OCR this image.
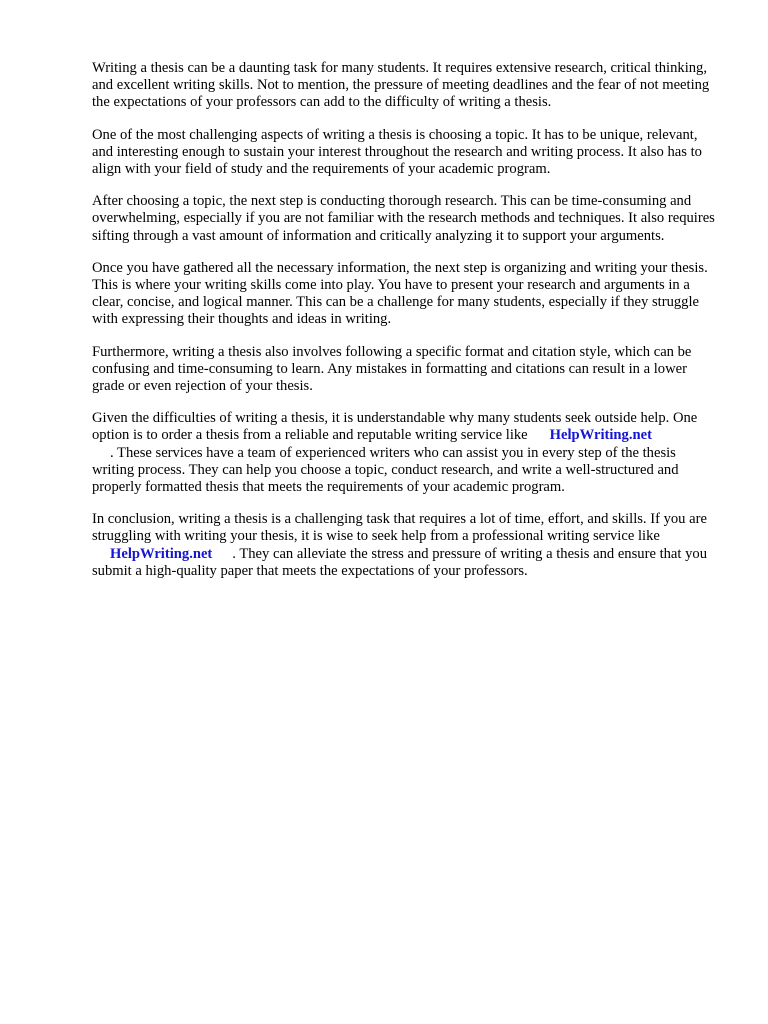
Writing a thesis can be a daunting task for many students. It requires extensive research, critical thinking, and excellent writing skills. Not to mention, the pressure of meeting deadlines and the fear of not meeting the expectations of your professors can add to the difficulty of writing a thesis.

One of the most challenging aspects of writing a thesis is choosing a topic. It has to be unique, relevant, and interesting enough to sustain your interest throughout the research and writing process. It also has to align with your field of study and the requirements of your academic program.

After choosing a topic, the next step is conducting thorough research. This can be time-consuming and overwhelming, especially if you are not familiar with the research methods and techniques. It also requires sifting through a vast amount of information and critically analyzing it to support your arguments.

Once you have gathered all the necessary information, the next step is organizing and writing your thesis. This is where your writing skills come into play. You have to present your research and arguments in a clear, concise, and logical manner. This can be a challenge for many students, especially if they struggle with expressing their thoughts and ideas in writing.

Furthermore, writing a thesis also involves following a specific format and citation style, which can be confusing and time-consuming to learn. Any mistakes in formatting and citations can result in a lower grade or even rejection of your thesis.

Given the difficulties of writing a thesis, it is understandable why many students seek outside help. One option is to order a thesis from a reliable and reputable writing service like HelpWriting.net
. These services have a team of experienced writers who can assist you in every step of the thesis writing process. They can help you choose a topic, conduct research, and write a well-structured and properly formatted thesis that meets the requirements of your academic program.

In conclusion, writing a thesis is a challenging task that requires a lot of time, effort, and skills. If you are struggling with writing your thesis, it is wise to seek help from a professional writing service like
HelpWriting.net . They can alleviate the stress and pressure of writing a thesis and ensure that you submit a high-quality paper that meets the expectations of your professors.
